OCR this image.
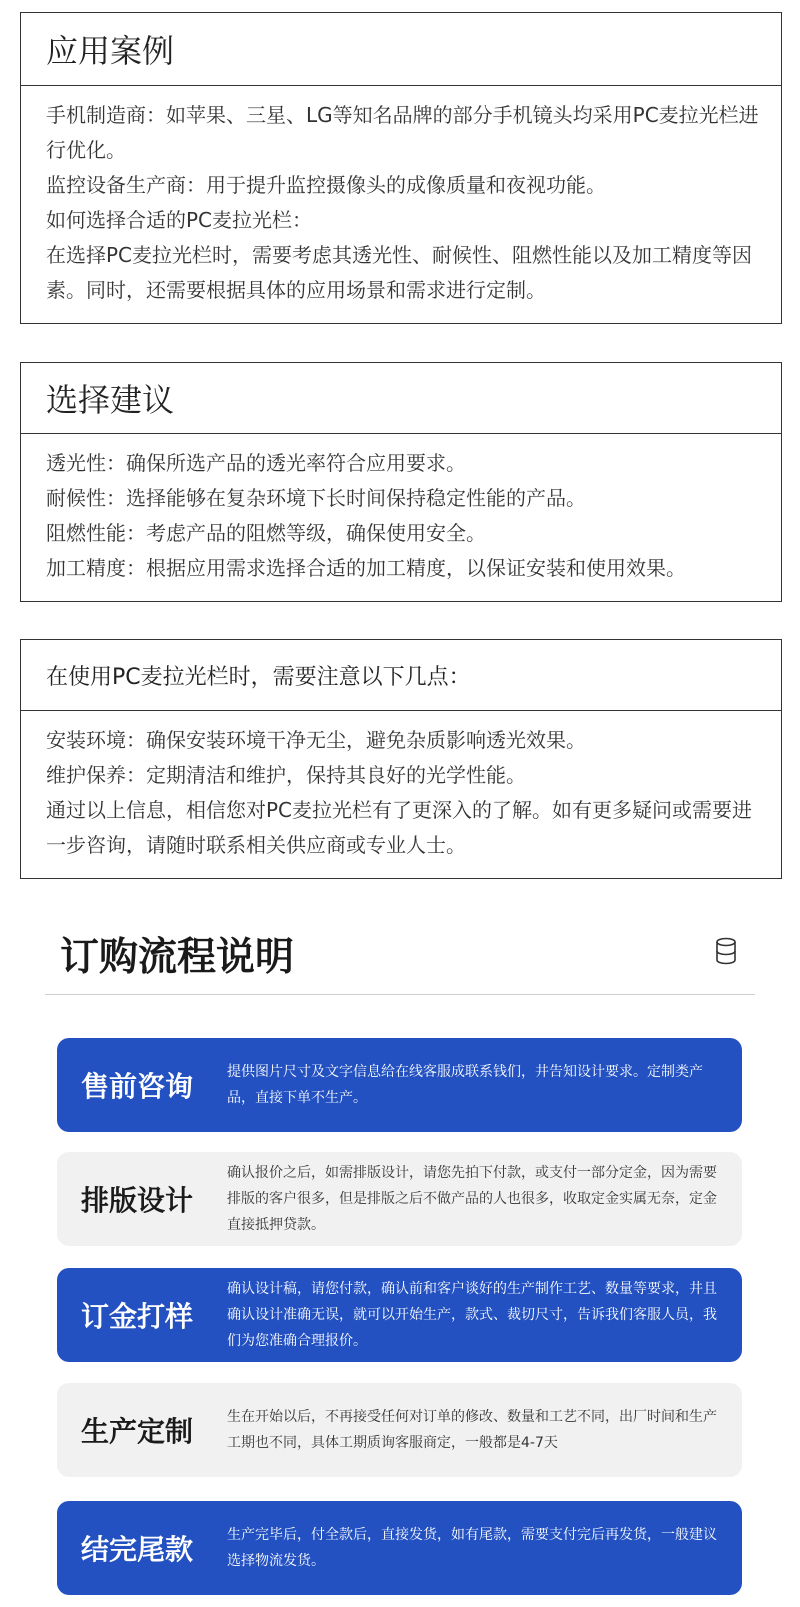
应用案例

手机制造商：如苹果、三星、LG等知名品牌的部分手机镜头均采用PC麦拉光栏进行优化。

监控设备生产商：用于提升监控摄像头的成像质量和夜视功能。

如何选择合适的PC麦拉光栏：

在选择PC麦拉光栏时，需要考虑其透光性、耐候性、阻燃性能以及加工精度等因素。同时，还需要根据具体的应用场景和需求进行定制。

选择建议

透光性：确保所选产品的透光率符合应用要求。

耐候性：选择能够在复杂环境下长时间保持稳定性能的产品。

阻燃性能：考虑产品的阻燃等级，确保使用安全。

加工精度：根据应用需求选择合适的加工精度，以保证安装和使用效果。

在使用PC麦拉光栏时，需要注意以下几点：

安装环境：确保安装环境干净无尘，避免杂质影响透光效果。

维护保养：定期清洁和维护，保持其良好的光学性能。

通过以上信息，相信您对PC麦拉光栏有了更深入的了解。如有更多疑问或需要进一步咨询，请随时联系相关供应商或专业人士。

订购流程说明
售前咨询 提供图片尺寸及文字信息给在线客服成联系钱们，井告知设计要求。定制类产品，直接下单不生产。
排版设计
确认报价之后，如需排版设计，请您先拍下付款，或支付一部分定金，因为需要排版的客户很多，但是排版之后不做产品的人也很多，收取定金实属无奈，定金直接抵押贷款。
订金打样
确认设计稿，请您付款，确认前和客户谈好的生产制作工艺、数量等要求，井且确认设计准确无误，就可以开始生产，款式、裁切尺寸，告诉我们客服人员，我们为您准确合理报价。
生产定制 生在开始以后，不再接受任何对订单的修改、数量和工艺不同，出厂时间和生产工期也不同，具体工期质询客服商定，一般都是4-7天
结完尾款 生产完毕后，付全款后，直接发货，如有尾款，需要支付完后再发货，一般建议选择物流发货。
